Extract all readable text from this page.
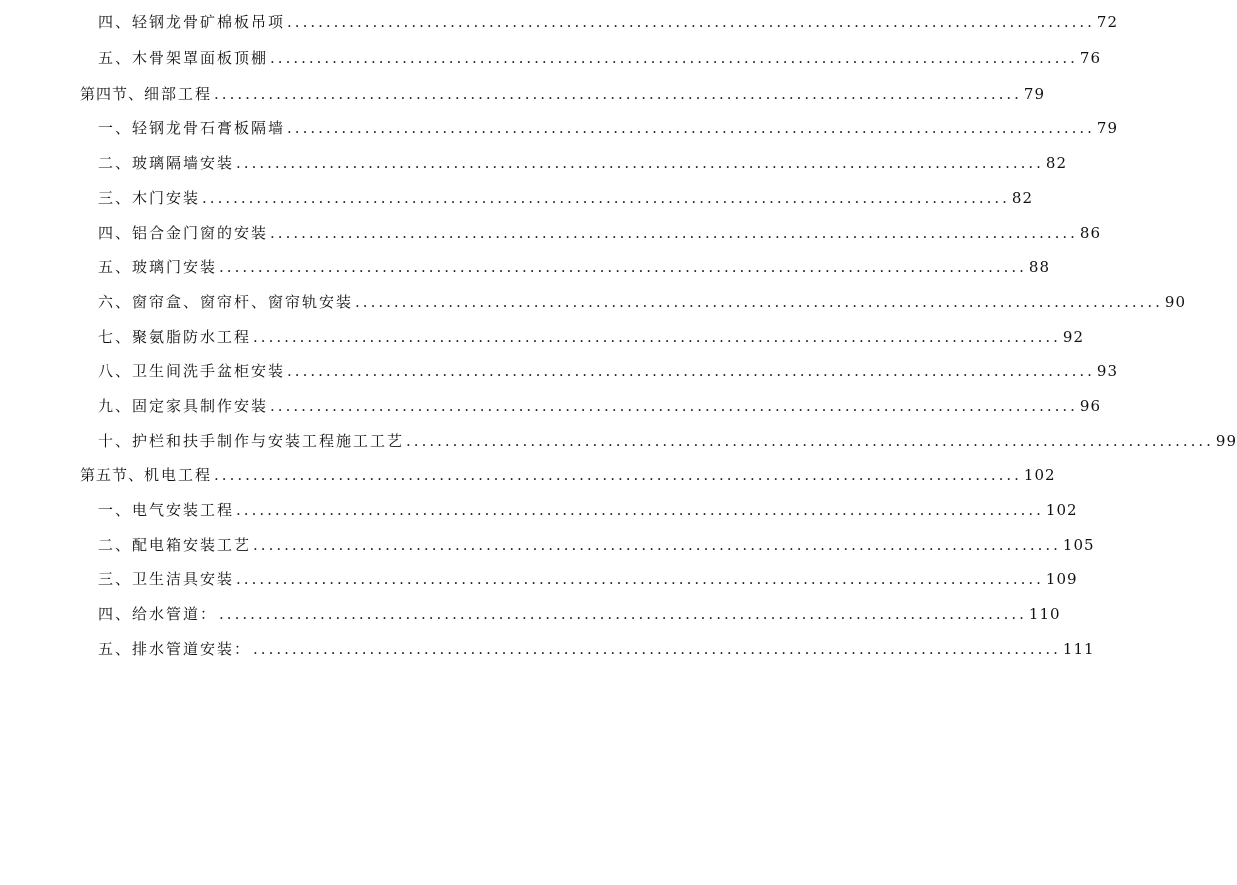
四、 轻钢龙骨矿棉板吊项 ........................................................................................................ 72
五、 木骨架罩面板顶棚 ........................................................................................................ 76
第四节、 细部工程 ........................................................................................................ 79
一、 轻钢龙骨石膏板隔墙 ........................................................................................................ 79
二、 玻璃隔墙安装 ........................................................................................................ 82
三、 木门安装 ........................................................................................................ 82
四、 铝合金门窗的安装 ........................................................................................................ 86
五、 玻璃门安装 ........................................................................................................ 88
六、 窗帘盒、窗帘杆、窗帘轨安装 ........................................................................................................ 90
七、 聚氨脂防水工程 ........................................................................................................ 92
八、 卫生间洗手盆柜安装 ........................................................................................................ 93
九、 固定家具制作安装 ........................................................................................................ 96
十、 护栏和扶手制作与安装工程施工工艺 ........................................................................................................ 99
第五节、 机电工程 ........................................................................................................ 102
一、 电气安装工程 ........................................................................................................ 102
二、 配电箱安装工艺 ........................................................................................................ 105
三、 卫生洁具安装 ........................................................................................................ 109
四、 给水管道： ........................................................................................................ 110
五、 排水管道安装： ........................................................................................................ 111
